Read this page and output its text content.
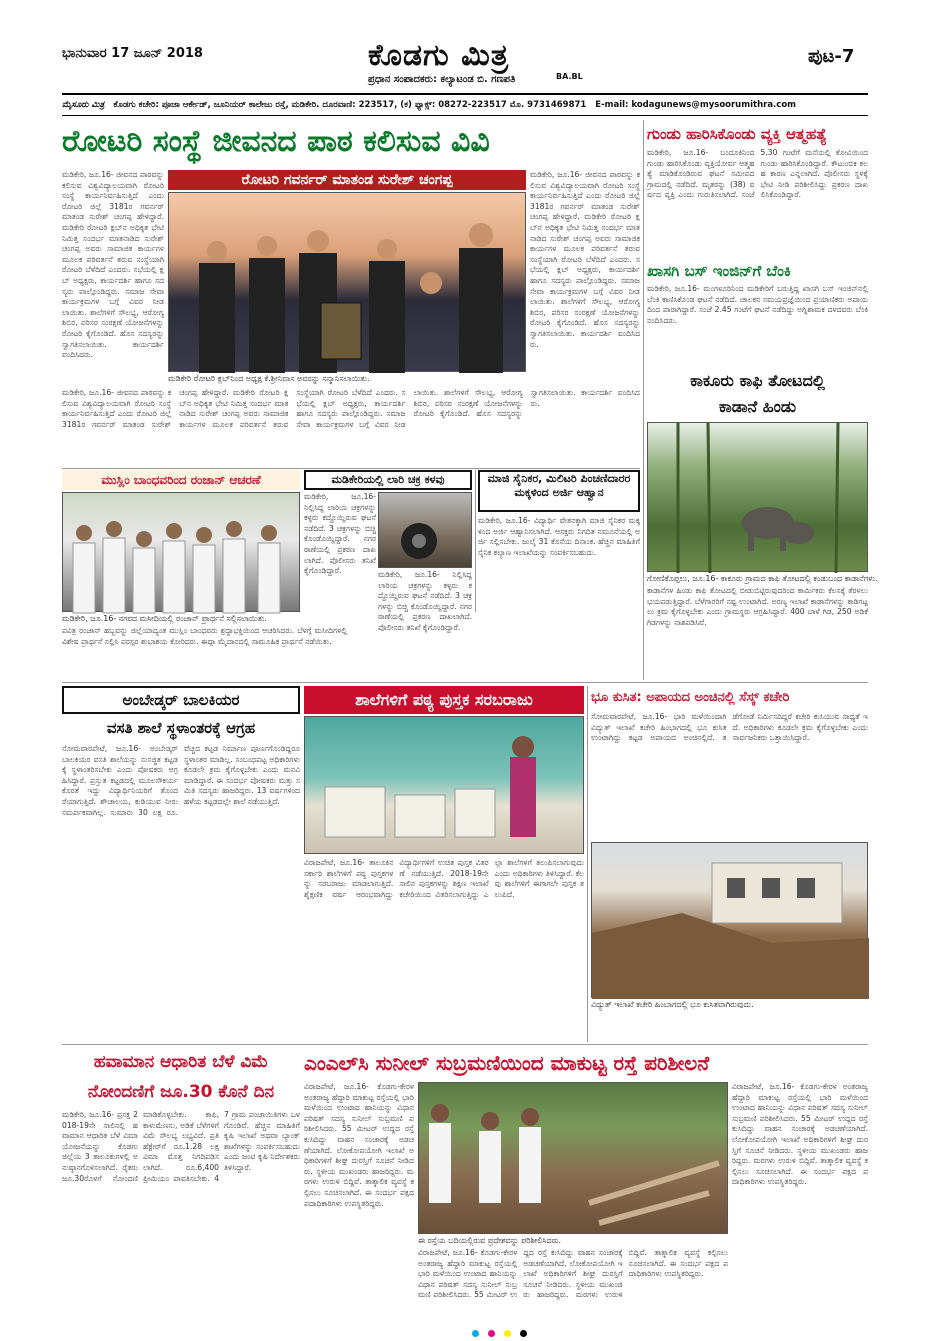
ಭಾನುವಾರ 17 ಜೂನ್ 2018	ಕೊಡಗು ಮಿತ್ರ
ಪ್ರಧಾನ ಸಂಪಾದಕರು: ಕಲ್ಯಾಟಂಡ ಬಿ. ಗಣಪತಿ	BA.BL
ಪುಟ-7
ಮೈಸೂರು ಮಿತ್ರ ಕೊಡಗು ಕಚೇರಿ: ಪೂಜಾ ಆರ್ಕೇಡ್, ಜೂನಿಯರ್ ಕಾಲೇಜು ರಸ್ತೆ, ಮಡಿಕೇರಿ. ದೂರವಾಣಿ: 223517, (ಕ) ಫ್ಯಾಕ್ಸ್: 08272-223517 ಮೊ. 9731469871 E-mail: kodagunews@mysoorumithra.com
ರೋಟರಿ ಸಂಸ್ಥೆ ಜೀವನದ ಪಾಠ ಕಲಿಸುವ ವಿವಿ
ಮಡಿಕೇರಿ, ಜೂ.16- ಜೀವನದ ಪಾಠವನ್ನು ಕಲಿಸುವ ವಿಶ್ವವಿದ್ಯಾಲಯವಾಗಿ ರೋಟರಿ ಸಂಸ್ಥೆ ಕಾರ್ಯನಿರ್ವಹಿಸುತ್ತಿದೆ ಎಂದು ರೋಟರಿ ಜಿಲ್ಲೆ 3181ರ ಗವರ್ನರ್ ಮಾತಂಡ ಸುರೇಶ್ ಚಂಗಪ್ಪ ಹೇಳಿದ್ದಾರೆ. ಮಡಿಕೇರಿ ರೋಟರಿ ಕ್ಲಬ್‌ನ ಅಧಿಕೃತ ಭೇಟಿ ನಿಮಿತ್ತ ಸಂದರ್ಭ ಮಾತನಾಡಿದ ಸುರೇಶ್ ಚಂಗಪ್ಪ ಅವರು ಸಾಮಾಜಿಕ ಕಾರ್ಯಗಳ ಮೂಲಕ ಪರಿವರ್ತನೆ ತರುವ ಸಂಸ್ಥೆಯಾಗಿ ರೋಟರಿ ಬೆಳೆದಿದೆ ಎಂದರು. ಸಭೆಯಲ್ಲಿ ಕ್ಲಬ್ ಅಧ್ಯಕ್ಷರು, ಕಾರ್ಯದರ್ಶಿ ಹಾಗೂ ಸದಸ್ಯರು ಪಾಲ್ಗೊಂಡಿದ್ದರು. ಸಮಾಜ ಸೇವಾ ಕಾರ್ಯಕ್ರಮಗಳ ಬಗ್ಗೆ ವಿವರ ನೀಡಲಾಯಿತು. ಶಾಲೆಗಳಿಗೆ ಸೌಲಭ್ಯ, ಆರೋಗ್ಯ ಶಿಬಿರ, ಪರಿಸರ ಸಂರಕ್ಷಣೆ ಯೋಜನೆಗಳನ್ನು ರೋಟರಿ ಕೈಗೊಂಡಿದೆ. ಹೊಸ ಸದಸ್ಯರನ್ನು ಸ್ವಾಗತಿಸಲಾಯಿತು. ಕಾರ್ಯದರ್ಶಿ ವಂದಿಸಿದರು.
ರೋಟರಿ ಗವರ್ನರ್ ಮಾತಂಡ ಸುರೇಶ್ ಚಂಗಪ್ಪ
ಮಡಿಕೇರಿ ರೋಟರಿ ಕ್ಲಬ್‌ನಿಂದ ಅಧ್ಯಕ್ಷ ಕೆ.ಶ್ರೀನಿವಾಸ ಅವರನ್ನು ಸನ್ಮಾನಿಸಲಾಯಿತು.
ಮಡಿಕೇರಿ, ಜೂ.16- ಜೀವನದ ಪಾಠವನ್ನು ಕಲಿಸುವ ವಿಶ್ವವಿದ್ಯಾಲಯವಾಗಿ ರೋಟರಿ ಸಂಸ್ಥೆ ಕಾರ್ಯನಿರ್ವಹಿಸುತ್ತಿದೆ ಎಂದು ರೋಟರಿ ಜಿಲ್ಲೆ 3181ರ ಗವರ್ನರ್ ಮಾತಂಡ ಸುರೇಶ್ ಚಂಗಪ್ಪ ಹೇಳಿದ್ದಾರೆ. ಮಡಿಕೇರಿ ರೋಟರಿ ಕ್ಲಬ್‌ನ ಅಧಿಕೃತ ಭೇಟಿ ನಿಮಿತ್ತ ಸಂದರ್ಭ ಮಾತನಾಡಿದ ಸುರೇಶ್ ಚಂಗಪ್ಪ ಅವರು ಸಾಮಾಜಿಕ ಕಾರ್ಯಗಳ ಮೂಲಕ ಪರಿವರ್ತನೆ ತರುವ ಸಂಸ್ಥೆಯಾಗಿ ರೋಟರಿ ಬೆಳೆದಿದೆ ಎಂದರು. ಸಭೆಯಲ್ಲಿ ಕ್ಲಬ್ ಅಧ್ಯಕ್ಷರು, ಕಾರ್ಯದರ್ಶಿ ಹಾಗೂ ಸದಸ್ಯರು ಪಾಲ್ಗೊಂಡಿದ್ದರು. ಸಮಾಜ ಸೇವಾ ಕಾರ್ಯಕ್ರಮಗಳ ಬಗ್ಗೆ ವಿವರ ನೀಡಲಾಯಿತು. ಶಾಲೆಗಳಿಗೆ ಸೌಲಭ್ಯ, ಆರೋಗ್ಯ ಶಿಬಿರ, ಪರಿಸರ ಸಂರಕ್ಷಣೆ ಯೋಜನೆಗಳನ್ನು ರೋಟರಿ ಕೈಗೊಂಡಿದೆ. ಹೊಸ ಸದಸ್ಯರನ್ನು ಸ್ವಾಗತಿಸಲಾಯಿತು. ಕಾರ್ಯದರ್ಶಿ ವಂದಿಸಿದರು.
ಮಡಿಕೇರಿ, ಜೂ.16- ಜೀವನದ ಪಾಠವನ್ನು ಕಲಿಸುವ ವಿಶ್ವವಿದ್ಯಾಲಯವಾಗಿ ರೋಟರಿ ಸಂಸ್ಥೆ ಕಾರ್ಯನಿರ್ವಹಿಸುತ್ತಿದೆ ಎಂದು ರೋಟರಿ ಜಿಲ್ಲೆ 3181ರ ಗವರ್ನರ್ ಮಾತಂಡ ಸುರೇಶ್ ಚಂಗಪ್ಪ ಹೇಳಿದ್ದಾರೆ. ಮಡಿಕೇರಿ ರೋಟರಿ ಕ್ಲಬ್‌ನ ಅಧಿಕೃತ ಭೇಟಿ ನಿಮಿತ್ತ ಸಂದರ್ಭ ಮಾತನಾಡಿದ ಸುರೇಶ್ ಚಂಗಪ್ಪ ಅವರು ಸಾಮಾಜಿಕ ಕಾರ್ಯಗಳ ಮೂಲಕ ಪರಿವರ್ತನೆ ತರುವ ಸಂಸ್ಥೆಯಾಗಿ ರೋಟರಿ ಬೆಳೆದಿದೆ ಎಂದರು. ಸಭೆಯಲ್ಲಿ ಕ್ಲಬ್ ಅಧ್ಯಕ್ಷರು, ಕಾರ್ಯದರ್ಶಿ ಹಾಗೂ ಸದಸ್ಯರು ಪಾಲ್ಗೊಂಡಿದ್ದರು. ಸಮಾಜ ಸೇವಾ ಕಾರ್ಯಕ್ರಮಗಳ ಬಗ್ಗೆ ವಿವರ ನೀಡಲಾಯಿತು. ಶಾಲೆಗಳಿಗೆ ಸೌಲಭ್ಯ, ಆರೋಗ್ಯ ಶಿಬಿರ, ಪರಿಸರ ಸಂರಕ್ಷಣೆ ಯೋಜನೆಗಳನ್ನು ರೋಟರಿ ಕೈಗೊಂಡಿದೆ. ಹೊಸ ಸದಸ್ಯರನ್ನು ಸ್ವಾಗತಿಸಲಾಯಿತು. ಕಾರ್ಯದರ್ಶಿ ವಂದಿಸಿದರು.
ಗುಂಡು ಹಾರಿಸಿಕೊಂಡು ವ್ಯಕ್ತಿ ಆತ್ಮಹತ್ಯೆ
ಮಡಿಕೇರಿ, ಜೂ.16- ಬಂದೂಕಿನಿಂದ ಗುಂಡು ಹಾರಿಸಿಕೊಂಡು ವ್ಯಕ್ತಿಯೋರ್ವ ಆತ್ಮಹತ್ಯೆ ಮಾಡಿಕೊಂಡಿರುವ ಘಟನೆ ಸಮೀಪದ ಗ್ರಾಮದಲ್ಲಿ ನಡೆದಿದೆ. ಮೃತರನ್ನು (38) ವರ್ಷದ ವ್ಯಕ್ತಿ ಎಂದು ಗುರುತಿಸಲಾಗಿದೆ. ಸಂಜೆ 5.30 ಗಂಟೆಗೆ ಮನೆಯಲ್ಲಿ ಕೋವಿಯಿಂದ ಗುಂಡು ಹಾರಿಸಿಕೊಂಡಿದ್ದಾರೆ. ಕೌಟುಂಬಿಕ ಕಲಹ ಕಾರಣ ಎನ್ನಲಾಗಿದೆ. ಪೊಲೀಸರು ಸ್ಥಳಕ್ಕೆ ಭೇಟಿ ನೀಡಿ ಪರಿಶೀಲಿಸಿದ್ದು ಪ್ರಕರಣ ದಾಖಲಿಸಿಕೊಂಡಿದ್ದಾರೆ.
ಖಾಸಗಿ ಬಸ್ ಇಂಜಿನ್‌ಗೆ ಬೆಂಕಿ
ಮಡಿಕೇರಿ, ಜೂ.16- ಮಂಗಳೂರಿನಿಂದ ಮಡಿಕೇರಿಗೆ ಬರುತ್ತಿದ್ದ ಖಾಸಗಿ ಬಸ್ ಇಂಜಿನ್‌ನಲ್ಲಿ ಬೆಂಕಿ ಕಾಣಿಸಿಕೊಂಡ ಘಟನೆ ನಡೆದಿದೆ. ಚಾಲಕನ ಸಮಯಪ್ರಜ್ಞೆಯಿಂದ ಪ್ರಯಾಣಿಕರು ಅಪಾಯದಿಂದ ಪಾರಾಗಿದ್ದಾರೆ. ಸಂಜೆ 2.45 ಗಂಟೆಗೆ ಘಟನೆ ನಡೆದಿದ್ದು ಅಗ್ನಿಶಾಮಕ ದಳದವರು ಬೆಂಕಿ ನಂದಿಸಿದರು.
ಕಾಕೂರು ಕಾಫಿ ತೋಟದಲ್ಲಿ
ಕಾಡಾನೆ ಹಿಂಡು
ಗೋಣಿಕೊಪ್ಪಲು, ಜೂ.16- ಕಾಕೂರು ಗ್ರಾಮದ ಕಾಫಿ ತೋಟದಲ್ಲಿ ಕಂಡುಬಂದ ಕಾಡಾನೆಗಳು.
ಕಾಡಾನೆಗಳ ಹಿಂಡು ಕಾಫಿ ತೋಟದಲ್ಲಿ ಬೀಡುಬಿಟ್ಟಿರುವುದರಿಂದ ಕಾರ್ಮಿಕರು ಕೆಲಸಕ್ಕೆ ತೆರಳಲು ಭಯಪಡುತ್ತಿದ್ದಾರೆ. ಬೆಳೆಗಾರರಿಗೆ ನಷ್ಟ ಉಂಟಾಗಿದೆ. ಅರಣ್ಯ ಇಲಾಖೆ ಕಾಡಾನೆಗಳನ್ನು ಕಾಡಿಗಟ್ಟಲು ಕ್ರಮ ಕೈಗೊಳ್ಳಬೇಕು ಎಂದು ಗ್ರಾಮಸ್ಥರು ಆಗ್ರಹಿಸಿದ್ದಾರೆ. 400 ಬಾಳೆ ಗಿಡ, 250 ಅಡಿಕೆ ಗಿಡಗಳನ್ನು ನಾಶಪಡಿಸಿವೆ.
ಮುಸ್ಲಿಂ ಬಾಂಧವರಿಂದ ರಂಜಾನ್ ಆಚರಣೆ
ಮಡಿಕೇರಿ, ಜೂ.16- ನಗರದ ಮಸೀದಿಯಲ್ಲಿ ರಂಜಾನ್ ಪ್ರಾರ್ಥನೆ ಸಲ್ಲಿಸಲಾಯಿತು.
ಪವಿತ್ರ ರಂಜಾನ್ ಹಬ್ಬವನ್ನು ಜಿಲ್ಲೆಯಾದ್ಯಂತ ಮುಸ್ಲಿಂ ಬಾಂಧವರು ಶ್ರದ್ಧಾಭಕ್ತಿಯಿಂದ ಆಚರಿಸಿದರು. ಬೆಳಗ್ಗೆ ಮಸೀದಿಗಳಲ್ಲಿ ವಿಶೇಷ ಪ್ರಾರ್ಥನೆ ಸಲ್ಲಿಸಿ ಪರಸ್ಪರ ಶುಭಾಶಯ ಕೋರಿದರು. ಈದ್ಗಾ ಮೈದಾನದಲ್ಲಿ ಸಾಮೂಹಿಕ ಪ್ರಾರ್ಥನೆ ನಡೆಯಿತು.
ಮಡಿಕೇರಿಯಲ್ಲಿ ಲಾರಿ ಚಕ್ರ ಕಳವು
ಮಡಿಕೇರಿ, ಜೂ.16- ನಿಲ್ಲಿಸಿದ್ದ ಲಾರಿಯ ಚಕ್ರಗಳನ್ನು ಕಳ್ಳರು ಕದ್ದೊಯ್ದಿರುವ ಘಟನೆ ನಡೆದಿದೆ. 3 ಚಕ್ರಗಳನ್ನು ಬಿಚ್ಚಿ ಕೊಂಡೊಯ್ದಿದ್ದಾರೆ. ನಗರ ಠಾಣೆಯಲ್ಲಿ ಪ್ರಕರಣ ದಾಖಲಾಗಿದೆ. ಪೊಲೀಸರು ತನಿಖೆ ಕೈಗೊಂಡಿದ್ದಾರೆ.	ಮಡಿಕೇರಿ, ಜೂ.16- ನಿಲ್ಲಿಸಿದ್ದ ಲಾರಿಯ ಚಕ್ರಗಳನ್ನು ಕಳ್ಳರು ಕದ್ದೊಯ್ದಿರುವ ಘಟನೆ ನಡೆದಿದೆ. 3 ಚಕ್ರಗಳನ್ನು ಬಿಚ್ಚಿ ಕೊಂಡೊಯ್ದಿದ್ದಾರೆ. ನಗರ ಠಾಣೆಯಲ್ಲಿ ಪ್ರಕರಣ ದಾಖಲಾಗಿದೆ. ಪೊಲೀಸರು ತನಿಖೆ ಕೈಗೊಂಡಿದ್ದಾರೆ.
ಮಾಜಿ ಸೈನಿಕರ, ಮಿಲಿಟರಿ ಪಿಂಚಣಿದಾರರ ಮಕ್ಕಳಿಂದ ಅರ್ಜಿ ಆಹ್ವಾನ
ಮಡಿಕೇರಿ, ಜೂ.16- ವಿದ್ಯಾರ್ಥಿ ವೇತನಕ್ಕಾಗಿ ಮಾಜಿ ಸೈನಿಕರ ಮಕ್ಕಳಿಂದ ಅರ್ಜಿ ಆಹ್ವಾನಿಸಲಾಗಿದೆ. ಆಸಕ್ತರು ನಿಗದಿತ ನಮೂನೆಯಲ್ಲಿ ಅರ್ಜಿ ಸಲ್ಲಿಸಬೇಕು. ಜುಲೈ 31 ಕೊನೆಯ ದಿನಾಂಕ. ಹೆಚ್ಚಿನ ಮಾಹಿತಿಗೆ ಸೈನಿಕ ಕಲ್ಯಾಣ ಇಲಾಖೆಯನ್ನು ಸಂಪರ್ಕಿಸಬಹುದು.
ಅಂಬೇಡ್ಕರ್ ಬಾಲಕಿಯರ
ವಸತಿ ಶಾಲೆ ಸ್ಥಳಾಂತರಕ್ಕೆ ಆಗ್ರಹ
ಸೋಮವಾರಪೇಟೆ, ಜೂ.16- ಅಂಬೇಡ್ಕರ್ ಬಾಲಕಿಯರ ವಸತಿ ಶಾಲೆಯನ್ನು ಸುಸಜ್ಜಿತ ಕಟ್ಟಡಕ್ಕೆ ಸ್ಥಳಾಂತರಿಸಬೇಕು ಎಂದು ಪೋಷಕರು ಆಗ್ರಹಿಸಿದ್ದಾರೆ. ಪ್ರಸ್ತುತ ಕಟ್ಟಡದಲ್ಲಿ ಮೂಲಸೌಕರ್ಯ ಕೊರತೆ ಇದ್ದು ವಿದ್ಯಾರ್ಥಿನಿಯರಿಗೆ ತೊಂದರೆಯಾಗುತ್ತಿದೆ. ಶೌಚಾಲಯ, ಕುಡಿಯುವ ನೀರು ಸಮರ್ಪಕವಾಗಿಲ್ಲ. ಸುಮಾರು 30 ಲಕ್ಷ ರೂ. ವೆಚ್ಚದ ಕಟ್ಟಡ ನಿರ್ಮಾಣ ಪೂರ್ಣಗೊಂಡಿದ್ದರೂ ಸ್ಥಳಾಂತರ ಮಾಡಿಲ್ಲ. ಸಂಬಂಧಪಟ್ಟ ಅಧಿಕಾರಿಗಳು ಕೂಡಲೇ ಕ್ರಮ ಕೈಗೊಳ್ಳಬೇಕು ಎಂದು ಮನವಿ ಮಾಡಿದ್ದಾರೆ. ಈ ಸಂದರ್ಭ ಪೋಷಕರು ಮತ್ತು ಸಮಿತಿ ಸದಸ್ಯರು ಹಾಜರಿದ್ದರು. 13 ವರ್ಷಗಳಿಂದ ಹಳೆಯ ಕಟ್ಟಡದಲ್ಲೇ ಶಾಲೆ ನಡೆಯುತ್ತಿದೆ.
ಶಾಲೆಗಳಿಗೆ ಪಠ್ಯ ಪುಸ್ತಕ ಸರಬರಾಜು
ವಿರಾಜಪೇಟೆ, ಜೂ.16- ತಾಲೂಕಿನ ಸರ್ಕಾರಿ ಶಾಲೆಗಳಿಗೆ ಪಠ್ಯ ಪುಸ್ತಕಗಳನ್ನು ಸರಬರಾಜು ಮಾಡಲಾಗುತ್ತಿದೆ. ಶೈಕ್ಷಣಿಕ ವರ್ಷ ಆರಂಭವಾಗಿದ್ದು ವಿದ್ಯಾರ್ಥಿಗಳಿಗೆ ಉಚಿತ ಪುಸ್ತಕ ವಿತರಣೆ ನಡೆಯುತ್ತಿದೆ. 2018-19ನೇ ಸಾಲಿನ ಪುಸ್ತಕಗಳನ್ನು ಶಿಕ್ಷಣ ಇಲಾಖೆ ಕಚೇರಿಯಿಂದ ವಿತರಿಸಲಾಗುತ್ತಿದ್ದು ಎಲ್ಲಾ ಶಾಲೆಗಳಿಗೆ ತಲುಪಿಸಲಾಗುವುದು ಎಂದು ಅಧಿಕಾರಿಗಳು ತಿಳಿಸಿದ್ದಾರೆ. ಕೆಲವು ಶಾಲೆಗಳಿಗೆ ಈಗಾಗಲೇ ಪುಸ್ತಕ ತಲುಪಿದೆ.
ಭೂ ಕುಸಿತ: ಅಪಾಯದ ಅಂಚಿನಲ್ಲಿ ಸೆಸ್ಕ್ ಕಚೇರಿ
ಸೋಮವಾರಪೇಟೆ, ಜೂ.16- ಭಾರಿ ಮಳೆಯಿಂದಾಗಿ ವಿದ್ಯುತ್ ಇಲಾಖೆ ಕಚೇರಿ ಹಿಂಭಾಗದಲ್ಲಿ ಭೂ ಕುಸಿತ ಉಂಟಾಗಿದ್ದು ಕಟ್ಟಡ ಅಪಾಯದ ಅಂಚಿನಲ್ಲಿದೆ. ತಡೆಗೋಡೆ ನಿರ್ಮಿಸದಿದ್ದರೆ ಕಚೇರಿ ಕುಸಿಯುವ ಸಾಧ್ಯತೆ ಇದೆ. ಅಧಿಕಾರಿಗಳು ಕೂಡಲೇ ಕ್ರಮ ಕೈಗೊಳ್ಳಬೇಕು ಎಂದು ಸಾರ್ವಜನಿಕರು ಒತ್ತಾಯಿಸಿದ್ದಾರೆ.
ವಿದ್ಯುತ್ ಇಲಾಖೆ ಕಚೇರಿ ಹಿಂಬಾಗದಲ್ಲಿ ಭೂ ಕುಸಿತವಾಗಿರುವುದು.
ಹವಾಮಾನ ಆಧಾರಿತ ಬೆಳೆ ವಿಮೆ
ನೋಂದಣಿಗೆ ಜೂ.30 ಕೊನೆ ದಿನ
ಮಡಿಕೇರಿ, ಜೂ.16- ಪ್ರಸಕ್ತ 2018-19ನೇ ಸಾಲಿನಲ್ಲಿ ಹವಾಮಾನ ಆಧಾರಿತ ಬೆಳೆ ವಿಮಾ ಯೋಜನೆಯನ್ನು ಕೊಡಗು ಜಿಲ್ಲೆಯ 3 ತಾಲೂಕುಗಳಲ್ಲಿ ಅನುಷ್ಠಾನಗೊಳಿಸಲಾಗಿದೆ. ರೈತರು ಜೂ.30ರೊಳಗೆ ನೋಂದಣಿ ಮಾಡಿಕೊಳ್ಳಬೇಕು. ಕಾಫಿ, ಕಾಳುಮೆಣಸು, ಅಡಿಕೆ ಬೆಳೆಗಳಿಗೆ ವಿಮೆ ಸೌಲಭ್ಯ ಲಭ್ಯವಿದೆ. ಪ್ರತಿ ಹೆಕ್ಟೇರ್‌ಗೆ ರೂ.1.28 ಲಕ್ಷ ವಿಮಾ ಮೊತ್ತ ನಿಗದಿಪಡಿಸಲಾಗಿದೆ. ರೂ.6,400 ಪ್ರೀಮಿಯಂ ಪಾವತಿಸಬೇಕು. 47 ಗ್ರಾಮ ಪಂಚಾಯಿತಿಗಳು ಒಳಗೊಂಡಿವೆ. ಹೆಚ್ಚಿನ ಮಾಹಿತಿಗೆ ಕೃಷಿ ಇಲಾಖೆ ಅಥವಾ ಬ್ಯಾಂಕ್ ಶಾಖೆಗಳನ್ನು ಸಂಪರ್ಕಿಸಬಹುದು ಎಂದು ಜಂಟಿ ಕೃಷಿ ನಿರ್ದೇಶಕರು ತಿಳಿಸಿದ್ದಾರೆ.
ಎಂಎಲ್‌ಸಿ ಸುನೀಲ್ ಸುಬ್ರಮಣಿಯಿಂದ ಮಾಕುಟ್ಟ ರಸ್ತೆ ಪರಿಶೀಲನೆ
ವಿರಾಜಪೇಟೆ, ಜೂ.16- ಕೊಡಗು-ಕೇರಳ ಅಂತರಾಜ್ಯ ಹೆದ್ದಾರಿ ಮಾಕುಟ್ಟ ರಸ್ತೆಯಲ್ಲಿ ಭಾರಿ ಮಳೆಯಿಂದ ಉಂಟಾದ ಹಾನಿಯನ್ನು ವಿಧಾನ ಪರಿಷತ್ ಸದಸ್ಯ ಸುನೀಲ್ ಸುಬ್ರಮಣಿ ಪರಿಶೀಲಿಸಿದರು. 55 ಮೀಟರ್ ಉದ್ದದ ರಸ್ತೆ ಕುಸಿದಿದ್ದು ವಾಹನ ಸಂಚಾರಕ್ಕೆ ಅಡಚಣೆಯಾಗಿದೆ. ಲೋಕೋಪಯೋಗಿ ಇಲಾಖೆ ಅಧಿಕಾರಿಗಳಿಗೆ ಶೀಘ್ರ ದುರಸ್ತಿಗೆ ಸೂಚನೆ ನೀಡಿದರು. ಸ್ಥಳೀಯ ಮುಖಂಡರು ಹಾಜರಿದ್ದರು. ಮರಗಳು ಉರುಳಿ ಬಿದ್ದಿವೆ. ತಾತ್ಕಾಲಿಕ ವ್ಯವಸ್ಥೆ ಕಲ್ಪಿಸಲು ಸೂಚಿಸಲಾಗಿದೆ. ಈ ಸಂದರ್ಭ ಪಕ್ಷದ ಪದಾಧಿಕಾರಿಗಳು ಉಪಸ್ಥಿತರಿದ್ದರು.
ಈ ರಸ್ತೆಯ ಬದಿಯಲ್ಲಿರುವ ಪ್ರದೇಶವನ್ನು ಪರಿಶೀಲಿಸಿದರು.
ವಿರಾಜಪೇಟೆ, ಜೂ.16- ಕೊಡಗು-ಕೇರಳ ಅಂತರಾಜ್ಯ ಹೆದ್ದಾರಿ ಮಾಕುಟ್ಟ ರಸ್ತೆಯಲ್ಲಿ ಭಾರಿ ಮಳೆಯಿಂದ ಉಂಟಾದ ಹಾನಿಯನ್ನು ವಿಧಾನ ಪರಿಷತ್ ಸದಸ್ಯ ಸುನೀಲ್ ಸುಬ್ರಮಣಿ ಪರಿಶೀಲಿಸಿದರು. 55 ಮೀಟರ್ ಉದ್ದದ ರಸ್ತೆ ಕುಸಿದಿದ್ದು ವಾಹನ ಸಂಚಾರಕ್ಕೆ ಅಡಚಣೆಯಾಗಿದೆ. ಲೋಕೋಪಯೋಗಿ ಇಲಾಖೆ ಅಧಿಕಾರಿಗಳಿಗೆ ಶೀಘ್ರ ದುರಸ್ತಿಗೆ ಸೂಚನೆ ನೀಡಿದರು. ಸ್ಥಳೀಯ ಮುಖಂಡರು ಹಾಜರಿದ್ದರು. ಮರಗಳು ಉರುಳಿ ಬಿದ್ದಿವೆ. ತಾತ್ಕಾಲಿಕ ವ್ಯವಸ್ಥೆ ಕಲ್ಪಿಸಲು ಸೂಚಿಸಲಾಗಿದೆ. ಈ ಸಂದರ್ಭ ಪಕ್ಷದ ಪದಾಧಿಕಾರಿಗಳು ಉಪಸ್ಥಿತರಿದ್ದರು.
ವಿರಾಜಪೇಟೆ, ಜೂ.16- ಕೊಡಗು-ಕೇರಳ ಅಂತರಾಜ್ಯ ಹೆದ್ದಾರಿ ಮಾಕುಟ್ಟ ರಸ್ತೆಯಲ್ಲಿ ಭಾರಿ ಮಳೆಯಿಂದ ಉಂಟಾದ ಹಾನಿಯನ್ನು ವಿಧಾನ ಪರಿಷತ್ ಸದಸ್ಯ ಸುನೀಲ್ ಸುಬ್ರಮಣಿ ಪರಿಶೀಲಿಸಿದರು. 55 ಮೀಟರ್ ಉದ್ದದ ರಸ್ತೆ ಕುಸಿದಿದ್ದು ವಾಹನ ಸಂಚಾರಕ್ಕೆ ಅಡಚಣೆಯಾಗಿದೆ. ಲೋಕೋಪಯೋಗಿ ಇಲಾಖೆ ಅಧಿಕಾರಿಗಳಿಗೆ ಶೀಘ್ರ ದುರಸ್ತಿಗೆ ಸೂಚನೆ ನೀಡಿದರು. ಸ್ಥಳೀಯ ಮುಖಂಡರು ಹಾಜರಿದ್ದರು. ಮರಗಳು ಉರುಳಿ ಬಿದ್ದಿವೆ. ತಾತ್ಕಾಲಿಕ ವ್ಯವಸ್ಥೆ ಕಲ್ಪಿಸಲು ಸೂಚಿಸಲಾಗಿದೆ. ಈ ಸಂದರ್ಭ ಪಕ್ಷದ ಪದಾಧಿಕಾರಿಗಳು ಉಪಸ್ಥಿತರಿದ್ದರು.
